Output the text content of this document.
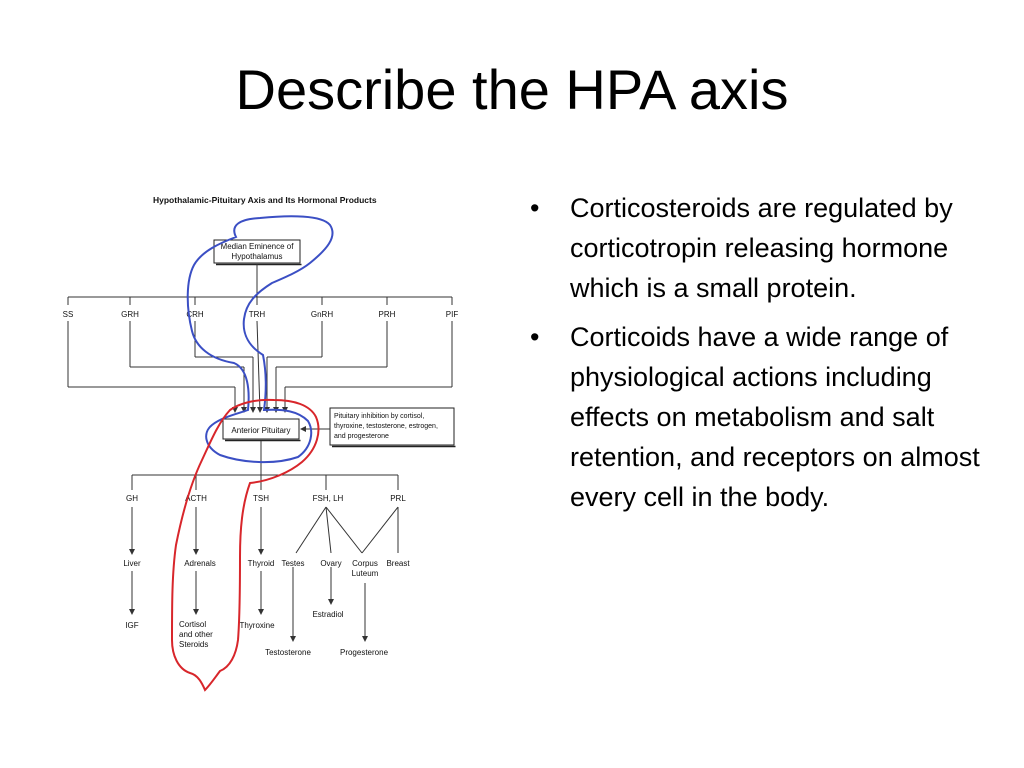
Describe the HPA axis
• Corticosteroids are regulated by corticotropin releasing hormone which is a small protein.
• Corticoids have a wide range of physiological actions including effects on metabolism and salt retention, and receptors on almost every cell in the body.
Hypothalamic-Pituitary Axis and Its Hormonal Products
Median Eminence of
Hypothalamus
SS	GRH	CRH	TRH	GnRH	PRH	PIF
Anterior Pituitary
Pituitary inhibition by cortisol,
thyroxine, testosterone, estrogen,
and progesterone
GH	ACTH	TSH	FSH, LH	PRL
Liver	Adrenals	Thyroid Testes Ovary Corpus
Luteum
Breast
IGF	Cortisol
and other
Steroids
Thyroxine
Estradiol
Testosterone	Progesterone
